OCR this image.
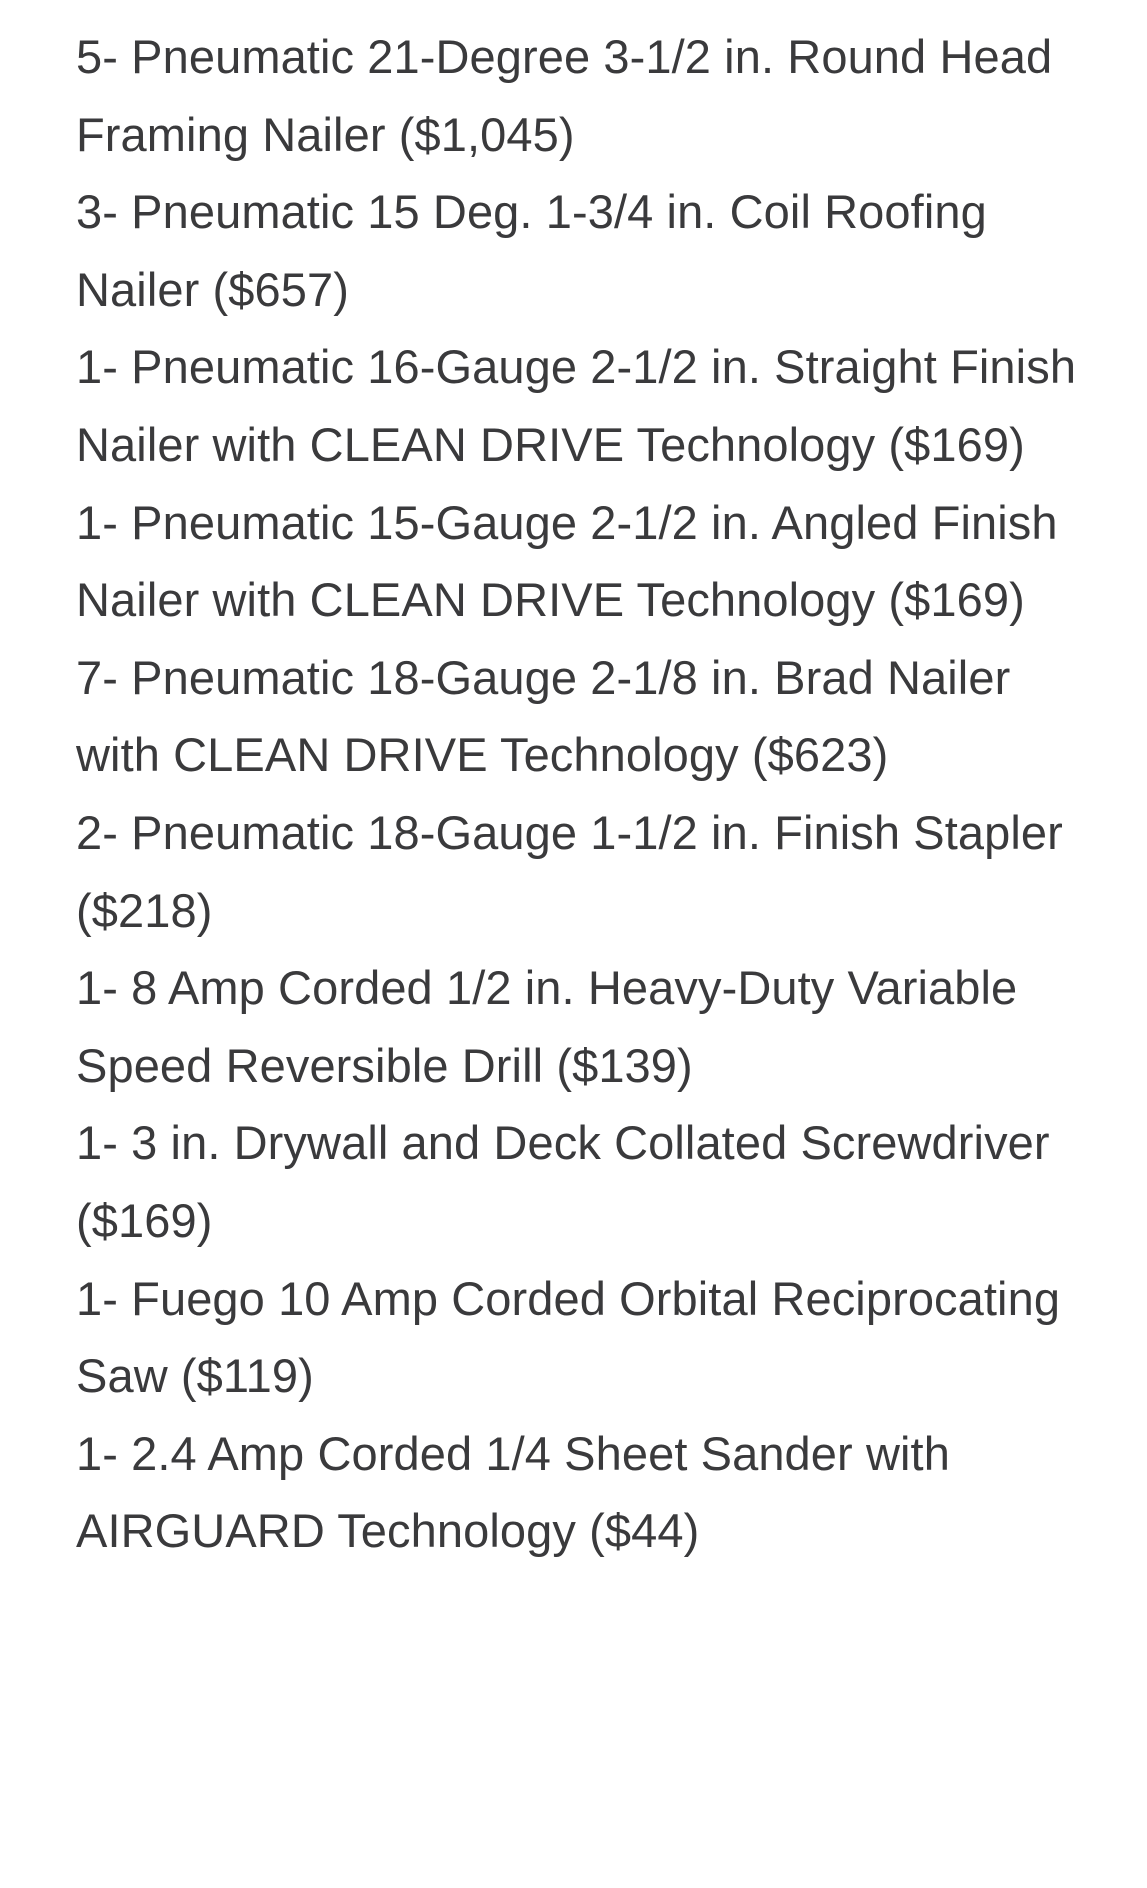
5- Pneumatic 21-Degree 3-1/2 in. Round Head Framing Nailer ($1,045)
3- Pneumatic 15 Deg. 1-3/4 in. Coil Roofing Nailer ($657)
1- Pneumatic 16-Gauge 2-1/2 in. Straight Finish Nailer with CLEAN DRIVE Technology ($169)
1- Pneumatic 15-Gauge 2-1/2 in. Angled Finish Nailer with CLEAN DRIVE Technology ($169)
7- Pneumatic 18-Gauge 2-1/8 in. Brad Nailer with CLEAN DRIVE Technology ($623)
2- Pneumatic 18-Gauge 1-1/2 in. Finish Stapler ($218)
1- 8 Amp Corded 1/2 in. Heavy-Duty Variable Speed Reversible Drill ($139)
1- 3 in. Drywall and Deck Collated Screwdriver ($169)
1- Fuego 10 Amp Corded Orbital Reciprocating Saw ($119)
1- 2.4 Amp Corded 1/4 Sheet Sander with AIRGUARD Technology ($44)
